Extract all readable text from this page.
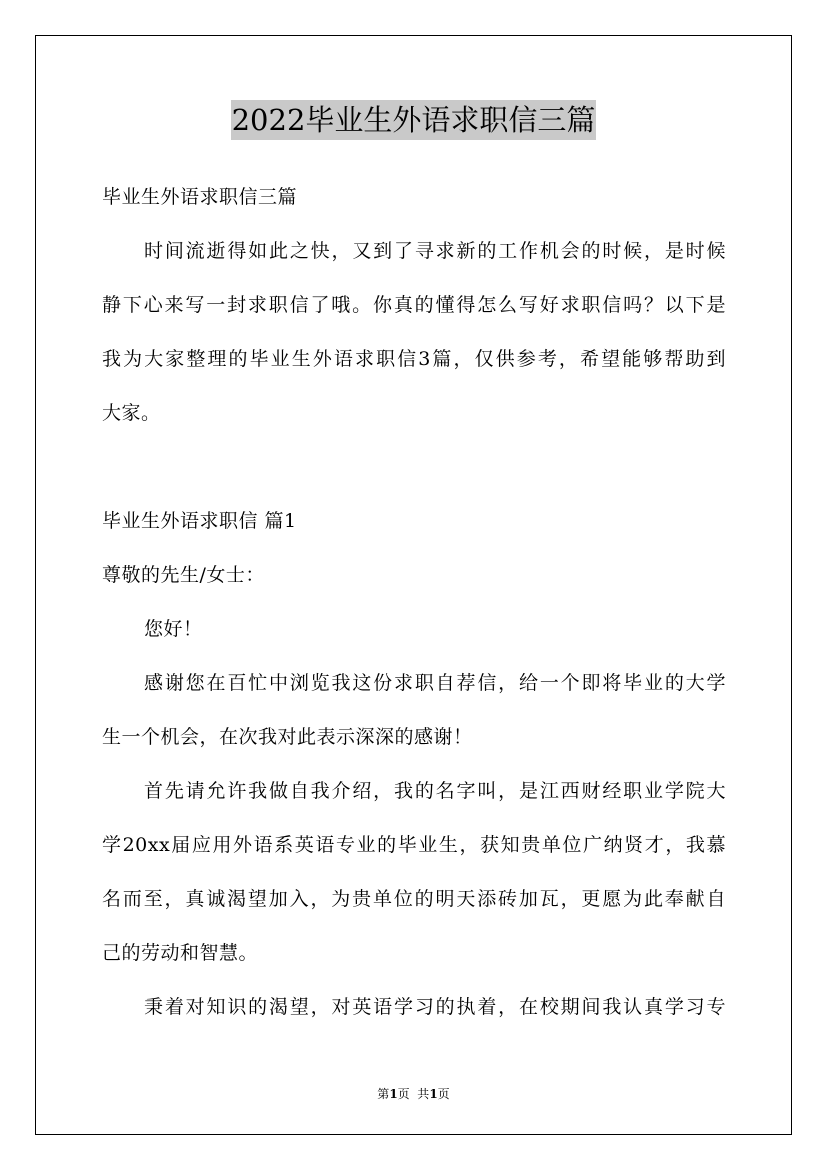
2022毕业生外语求职信三篇
毕业生外语求职信三篇
时间流逝得如此之快，又到了寻求新的工作机会的时候，是时候
静下心来写一封求职信了哦。你真的懂得怎么写好求职信吗？以下是
我为大家整理的毕业生外语求职信3篇，仅供参考，希望能够帮助到
大家。
毕业生外语求职信 篇1
尊敬的先生/女士：
您好！
感谢您在百忙中浏览我这份求职自荐信，给一个即将毕业的大学
生一个机会，在次我对此表示深深的感谢！
首先请允许我做自我介绍，我的名字叫，是江西财经职业学院大
学20xx届应用外语系英语专业的毕业生，获知贵单位广纳贤才，我慕
名而至，真诚渴望加入，为贵单位的明天添砖加瓦，更愿为此奉献自
己的劳动和智慧。
秉着对知识的渴望，对英语学习的执着，在校期间我认真学习专
第1页  共1页
